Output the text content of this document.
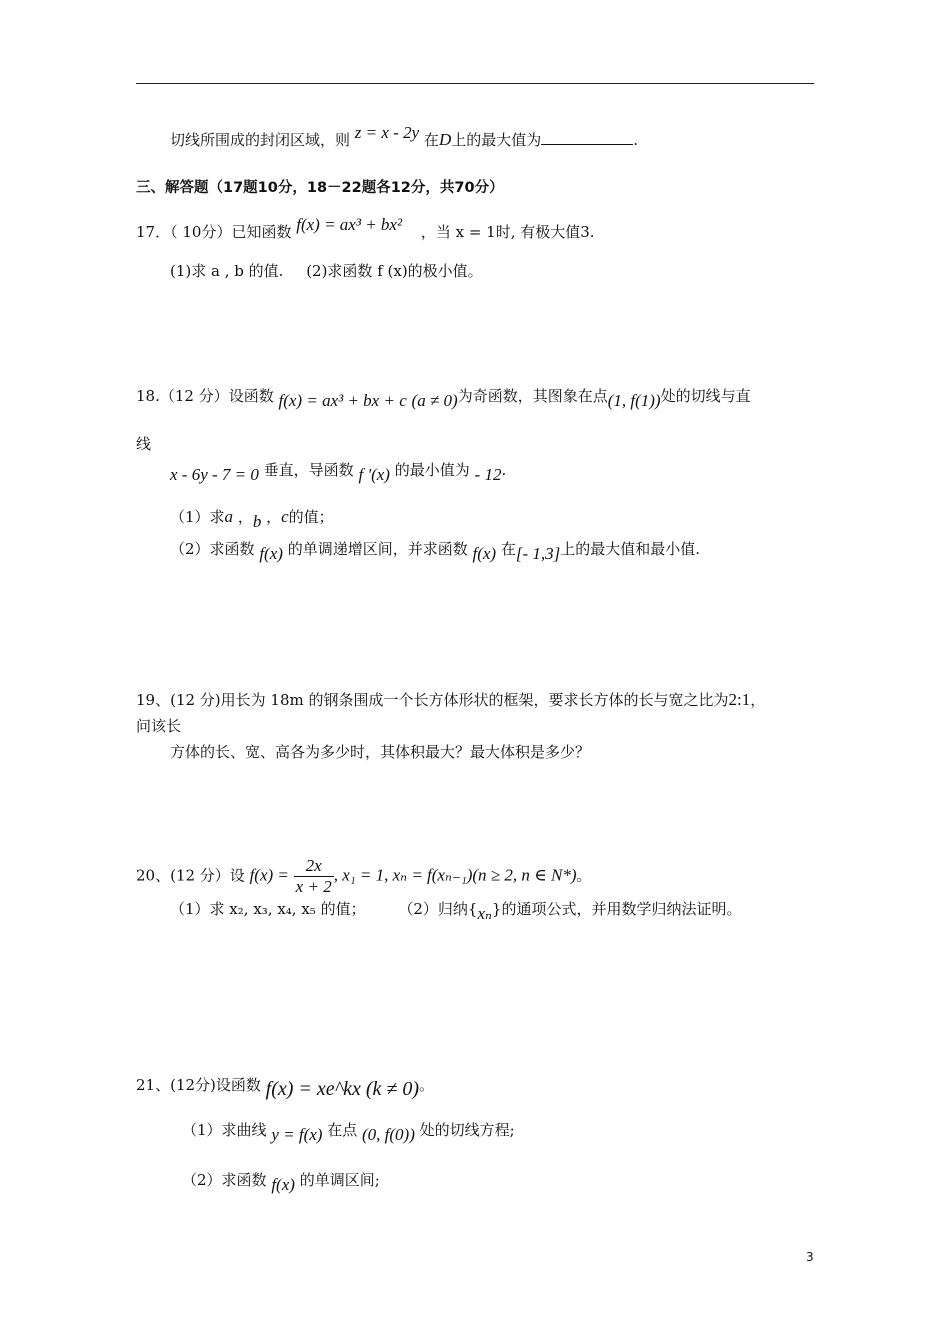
切线所围成的封闭区域，则 z = x - 2y 在D上的最大值为	.
三、解答题（17题10分，18－22题各12分，共70分）
17．（ 10分）已知函数 f(x) = ax³ + bx² ，当 x = 1时, 有极大值3.
(1)求 a , b 的值. (2)求函数 f (x)的极小值。
18.（12 分）设函数 f(x) = ax³ + bx + c (a ≠ 0)为奇函数，其图象在点(1, f(1))处的切线与直
线
x - 6y - 7 = 0 垂直，导函数 f '(x) 的最小值为 - 12.
（1）求a ，b ，c的值；
（2）求函数 f(x) 的单调递增区间，并求函数 f(x) 在[- 1,3]上的最大值和最小值.
19、(12 分)用长为 18m 的钢条围成一个长方体形状的框架，要求长方体的长与宽之比为2:1，
问该长
方体的长、宽、高各为多少时，其体积最大？最大体积是多少？
20、(12 分）设 $f(x) = \frac{2x}{x + 2}$ , x₁ = 1, xₙ = f(xₙ₋₁)(n ≥ 2, n ∈ N*)。
（1）求 x₂, x₃, x₄, x₅ 的值； （2）归纳{xₙ}的通项公式，并用数学归纳法证明。
21、(12分)设函数 f(x) = xe^kx (k ≠ 0)。
（1）求曲线 y = f(x) 在点 (0, f(0)) 处的切线方程;
（2）求函数 f(x) 的单调区间;
3
